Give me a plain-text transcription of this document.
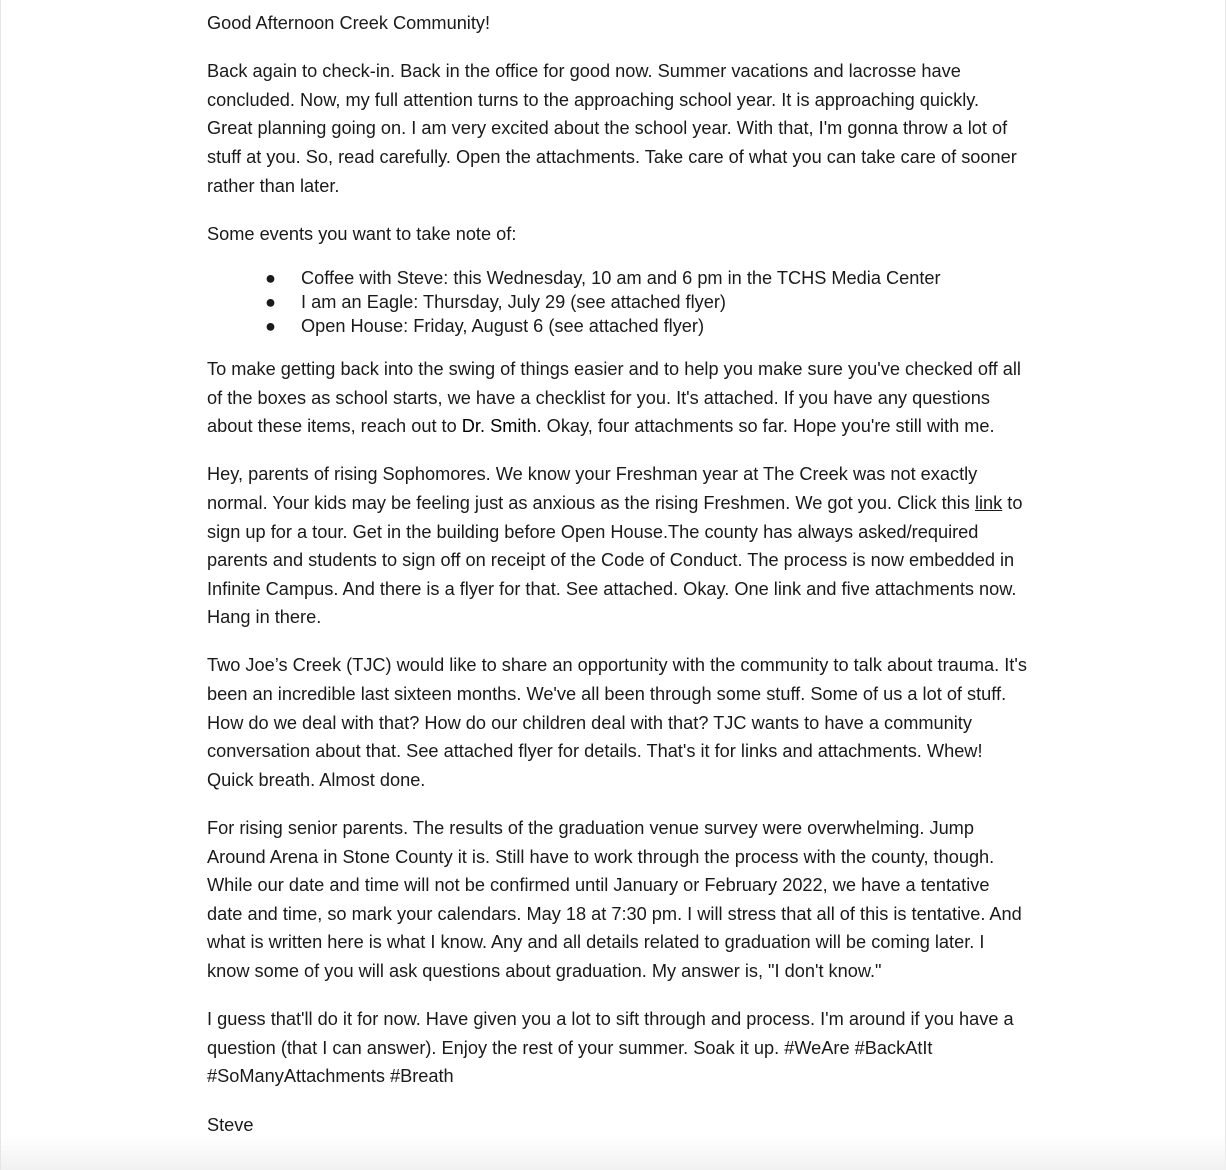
Good Afternoon Creek Community!

Back again to check-in. Back in the office for good now. Summer vacations and lacrosse have concluded. Now, my full attention turns to the approaching school year. It is approaching quickly. Great planning going on. I am very excited about the school year. With that, I'm gonna throw a lot of stuff at you. So, read carefully. Open the attachments. Take care of what you can take care of sooner rather than later.

Some events you want to take note of:

● Coffee with Steve: this Wednesday, 10 am and 6 pm in the TCHS Media Center
● I am an Eagle: Thursday, July 29 (see attached flyer)
● Open House: Friday, August 6 (see attached flyer)

To make getting back into the swing of things easier and to help you make sure you've checked off all of the boxes as school starts, we have a checklist for you. It's attached. If you have any questions about these items, reach out to Dr. Smith. Okay, four attachments so far. Hope you're still with me.

Hey, parents of rising Sophomores. We know your Freshman year at The Creek was not exactly normal. Your kids may be feeling just as anxious as the rising Freshmen. We got you. Click this link to sign up for a tour. Get in the building before Open House.The county has always asked/required parents and students to sign off on receipt of the Code of Conduct. The process is now embedded in Infinite Campus. And there is a flyer for that. See attached. Okay. One link and five attachments now. Hang in there.

Two Joe’s Creek (TJC) would like to share an opportunity with the community to talk about trauma. It's been an incredible last sixteen months. We've all been through some stuff. Some of us a lot of stuff. How do we deal with that? How do our children deal with that? TJC wants to have a community conversation about that. See attached flyer for details. That's it for links and attachments. Whew! Quick breath. Almost done.

For rising senior parents. The results of the graduation venue survey were overwhelming. Jump Around Arena in Stone County it is. Still have to work through the process with the county, though. While our date and time will not be confirmed until January or February 2022, we have a tentative date and time, so mark your calendars. May 18 at 7:30 pm. I will stress that all of this is tentative. And what is written here is what I know. Any and all details related to graduation will be coming later. I know some of you will ask questions about graduation. My answer is, "I don't know."

I guess that'll do it for now. Have given you a lot to sift through and process. I'm around if you have a question (that I can answer). Enjoy the rest of your summer. Soak it up. #WeAre #BackAtIt #SoManyAttachments #Breath

Steve
